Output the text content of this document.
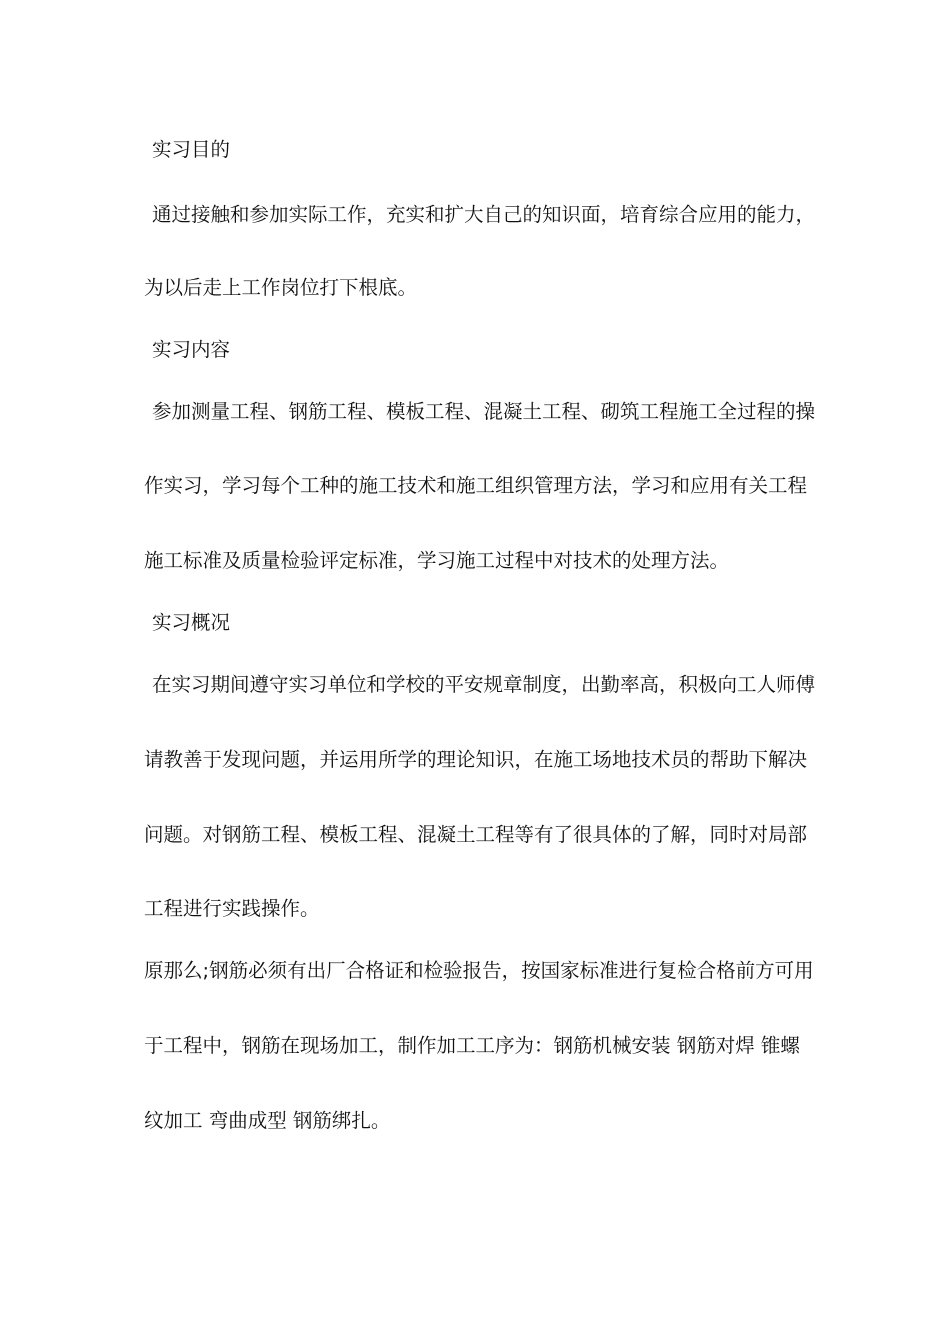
实习目的
通过接触和参加实际工作，充实和扩大自己的知识面，培育综合应用的能力，
为以后走上工作岗位打下根底。
实习内容
参加测量工程、钢筋工程、模板工程、混凝土工程、砌筑工程施工全过程的操
作实习，学习每个工种的施工技术和施工组织管理方法，学习和应用有关工程
施工标准及质量检验评定标准，学习施工过程中对技术的处理方法。
实习概况
在实习期间遵守实习单位和学校的平安规章制度，出勤率高，积极向工人师傅
请教善于发现问题，并运用所学的理论知识，在施工场地技术员的帮助下解决
问题。对钢筋工程、模板工程、混凝土工程等有了很具体的了解，同时对局部
工程进行实践操作。
原那么;钢筋必须有出厂合格证和检验报告，按国家标准进行复检合格前方可用
于工程中，钢筋在现场加工，制作加工工序为：钢筋机械安装 钢筋对焊 锥螺
纹加工 弯曲成型 钢筋绑扎。
